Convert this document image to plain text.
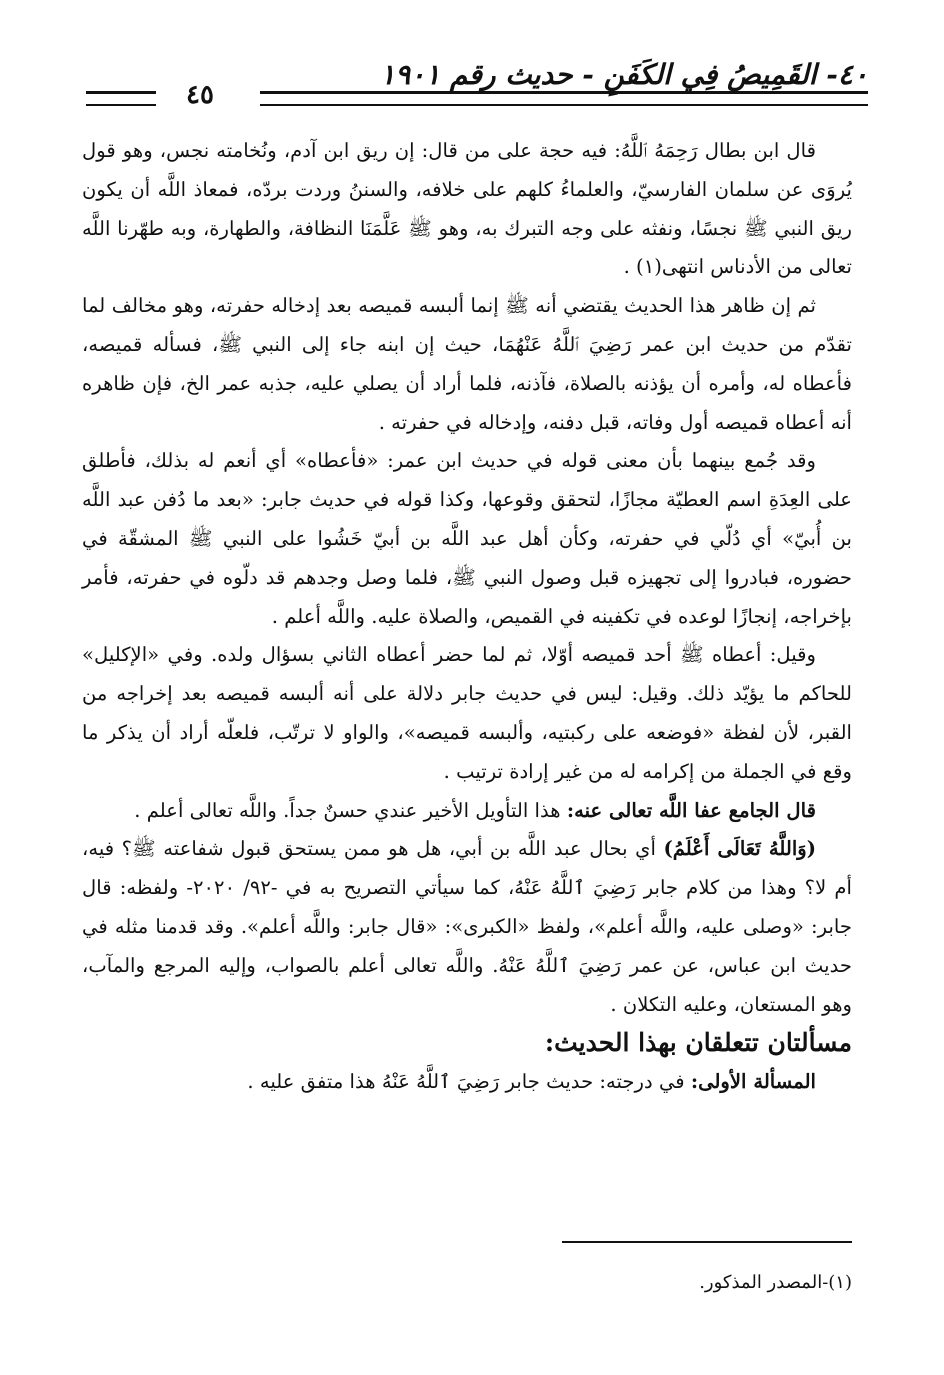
٤٠- القَمِيصُ فِي الكَفَنِ - حديث رقم ١٩٠١
٤٥

قال ابن بطال رَحِمَهُ ٱللَّهُ: فيه حجة على من قال: إن ريق ابن آدم، ونُخامته نجس، وهو قول يُروَى عن سلمان الفارسيّ، والعلماءُ كلهم على خلافه، والسننُ وردت بردّه، فمعاذ اللَّه أن يكون ريق النبي ﷺ نجسًا، ونفثه على وجه التبرك به، وهو ﷺ عَلَّمَنَا النظافة، والطهارة، وبه طهّرنا اللَّه تعالى من الأدناس انتهى(١) .

ثم إن ظاهر هذا الحديث يقتضي أنه ﷺ إنما ألبسه قميصه بعد إدخاله حفرته، وهو مخالف لما تقدّم من حديث ابن عمر رَضِيَ ٱللَّهُ عَنْهُمَا، حيث إن ابنه جاء إلى النبي ﷺ، فسأله قميصه، فأعطاه له، وأمره أن يؤذنه بالصلاة، فآذنه، فلما أراد أن يصلي عليه، جذبه عمر الخ، فإن ظاهره أنه أعطاه قميصه أول وفاته، قبل دفنه، وإدخاله في حفرته .

وقد جُمع بينهما بأن معنى قوله في حديث ابن عمر: «فأعطاه» أي أنعم له بذلك، فأطلق على العِدَةِ اسم العطيّة مجازًا، لتحقق وقوعها، وكذا قوله في حديث جابر: «بعد ما دُفن عبد اللَّه بن أُبيّ» أي دُلّي في حفرته، وكأن أهل عبد اللَّه بن أبيّ خَشُوا على النبي ﷺ المشقّة في حضوره، فبادروا إلى تجهيزه قبل وصول النبي ﷺ، فلما وصل وجدهم قد دلّوه في حفرته، فأمر بإخراجه، إنجازًا لوعده في تكفينه في القميص، والصلاة عليه. واللَّه أعلم .

وقيل: أعطاه ﷺ أحد قميصه أوّلا، ثم لما حضر أعطاه الثاني بسؤال ولده. وفي «الإكليل» للحاكم ما يؤيّد ذلك. وقيل: ليس في حديث جابر دلالة على أنه ألبسه قميصه بعد إخراجه من القبر، لأن لفظة «فوضعه على ركبتيه، وألبسه قميصه»، والواو لا ترتّب، فلعلّه أراد أن يذكر ما وقع في الجملة من إكرامه له من غير إرادة ترتيب .

قال الجامع عفا اللَّه تعالى عنه: هذا التأويل الأخير عندي حسنٌ جداً. واللَّه تعالى أعلم .

(وَاللَّهُ تَعَالَى أَعْلَمُ) أي بحال عبد اللَّه بن أبي، هل هو ممن يستحق قبول شفاعته ﷺ؟ فيه، أم لا؟ وهذا من كلام جابر رَضِيَ ٱللَّهُ عَنْهُ، كما سيأتي التصريح به في -٩٢/ ٢٠٢٠- ولفظه: قال جابر: «وصلى عليه، واللَّه أعلم»، ولفظ «الكبرى»: «قال جابر: واللَّه أعلم». وقد قدمنا مثله في حديث ابن عباس، عن عمر رَضِيَ ٱللَّهُ عَنْهُ. واللَّه تعالى أعلم بالصواب، وإليه المرجع والمآب، وهو المستعان، وعليه التكلان .

مسألتان تتعلقان بهذا الحديث:

المسألة الأولى: في درجته: حديث جابر رَضِيَ ٱللَّهُ عَنْهُ هذا متفق عليه .

(١)-المصدر المذكور.
